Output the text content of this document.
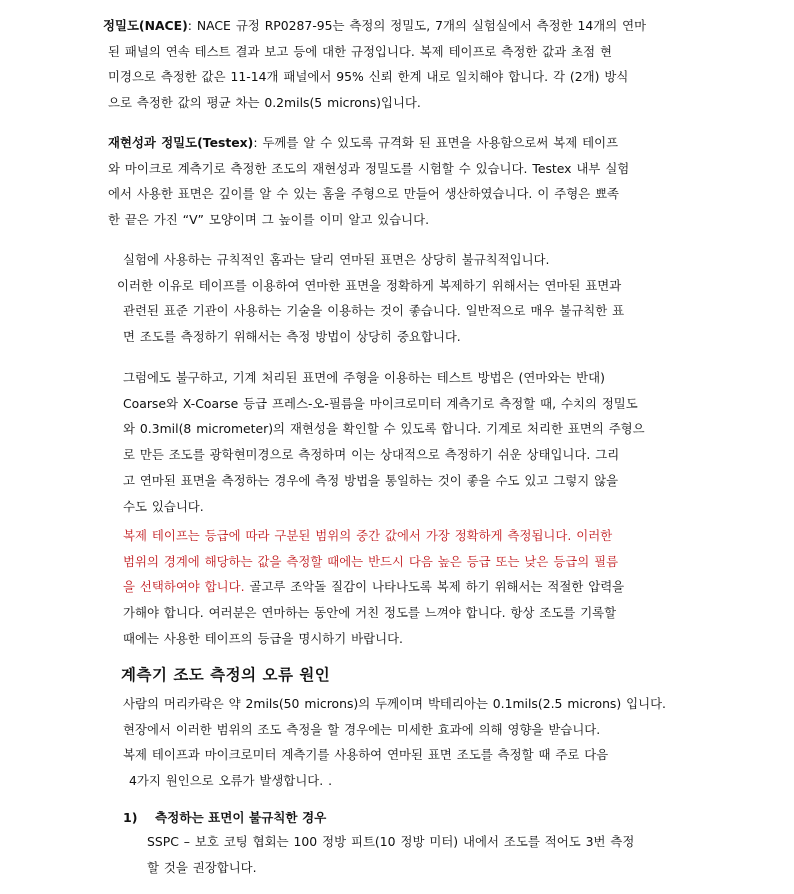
정밀도(NACE): NACE 규정 RP0287-95는 측정의 정밀도, 7개의 실험실에서 측정한 14개의 연마
된 패널의 연속 테스트 결과 보고 등에 대한 규정입니다. 복제 테이프로 측정한 값과 초점 현
미경으로 측정한 값은 11-14개 패널에서 95% 신뢰 한계 내로 일치해야 합니다. 각 (2개) 방식
으로 측정한 값의 평균 차는 0.2mils(5 microns)입니다.
재현성과 정밀도(Testex): 두께를 알 수 있도록 규격화 된 표면을 사용함으로써 복제 테이프
와 마이크로 계측기로 측정한 조도의 재현성과 정밀도를 시험할 수 있습니다. Testex 내부 실험
에서 사용한 표면은 깊이를 알 수 있는 홈을 주형으로 만들어 생산하였습니다. 이 주형은 뾰족
한 끝은 가진 “V” 모양이며 그 높이를 이미 알고 있습니다.
실험에 사용하는 규칙적인 홈과는 달리 연마된 표면은 상당히 불규칙적입니다.
이러한 이유로 테이프를 이용하여 연마한 표면을 정확하게 복제하기 위해서는 연마된 표면과
관련된 표준 기관이 사용하는 기술을 이용하는 것이 좋습니다. 일반적으로 매우 불규칙한 표
면 조도를 측정하기 위해서는 측정 방법이 상당히 중요합니다.
그럼에도 불구하고, 기계 처리된 표면에 주형을 이용하는 테스트 방법은 (연마와는 반대)
Coarse와 X-Coarse 등급 프레스-오-필름을 마이크로미터 계측기로 측정할 때, 수치의 정밀도
와 0.3mil(8 micrometer)의 재현성을 확인할 수 있도록 합니다. 기계로 처리한 표면의 주형으
로 만든 조도를 광학현미경으로 측정하며 이는 상대적으로 측정하기 쉬운 상태입니다. 그리
고 연마된 표면을 측정하는 경우에 측정 방법을 통일하는 것이 좋을 수도 있고 그렇지 않을
수도 있습니다.
복제 테이프는 등급에 따라 구분된 범위의 중간 값에서 가장 정확하게 측정됩니다. 이러한
범위의 경계에 해당하는 값을 측정할 때에는 반드시 다음 높은 등급 또는 낮은 등급의 필름
을 선택하여야 합니다. 골고루 조악돌 질감이 나타나도록 복제 하기 위해서는 적절한 압력을
가해야 합니다. 여러분은 연마하는 동안에 거친 정도를 느껴야 합니다. 항상 조도를 기록할
때에는 사용한 테이프의 등급을 명시하기 바랍니다.
계측기 조도 측정의 오류 원인
사람의 머리카락은 약 2mils(50 microns)의 두께이며 박테리아는 0.1mils(2.5 microns) 입니다.
현장에서 이러한 범위의 조도 측정을 할 경우에는 미세한 효과에 의해 영향을 받습니다.
복제 테이프과 마이크로미터 계측기를 사용하여 연마된 표면 조도를 측정할 때 주로 다음
4가지 원인으로 오류가 발생합니다. .
1) 측정하는 표면이 불규칙한 경우
SSPC – 보호 코팅 협회는 100 정방 피트(10 정방 미터) 내에서 조도를 적어도 3번 측정
할 것을 권장합니다.
